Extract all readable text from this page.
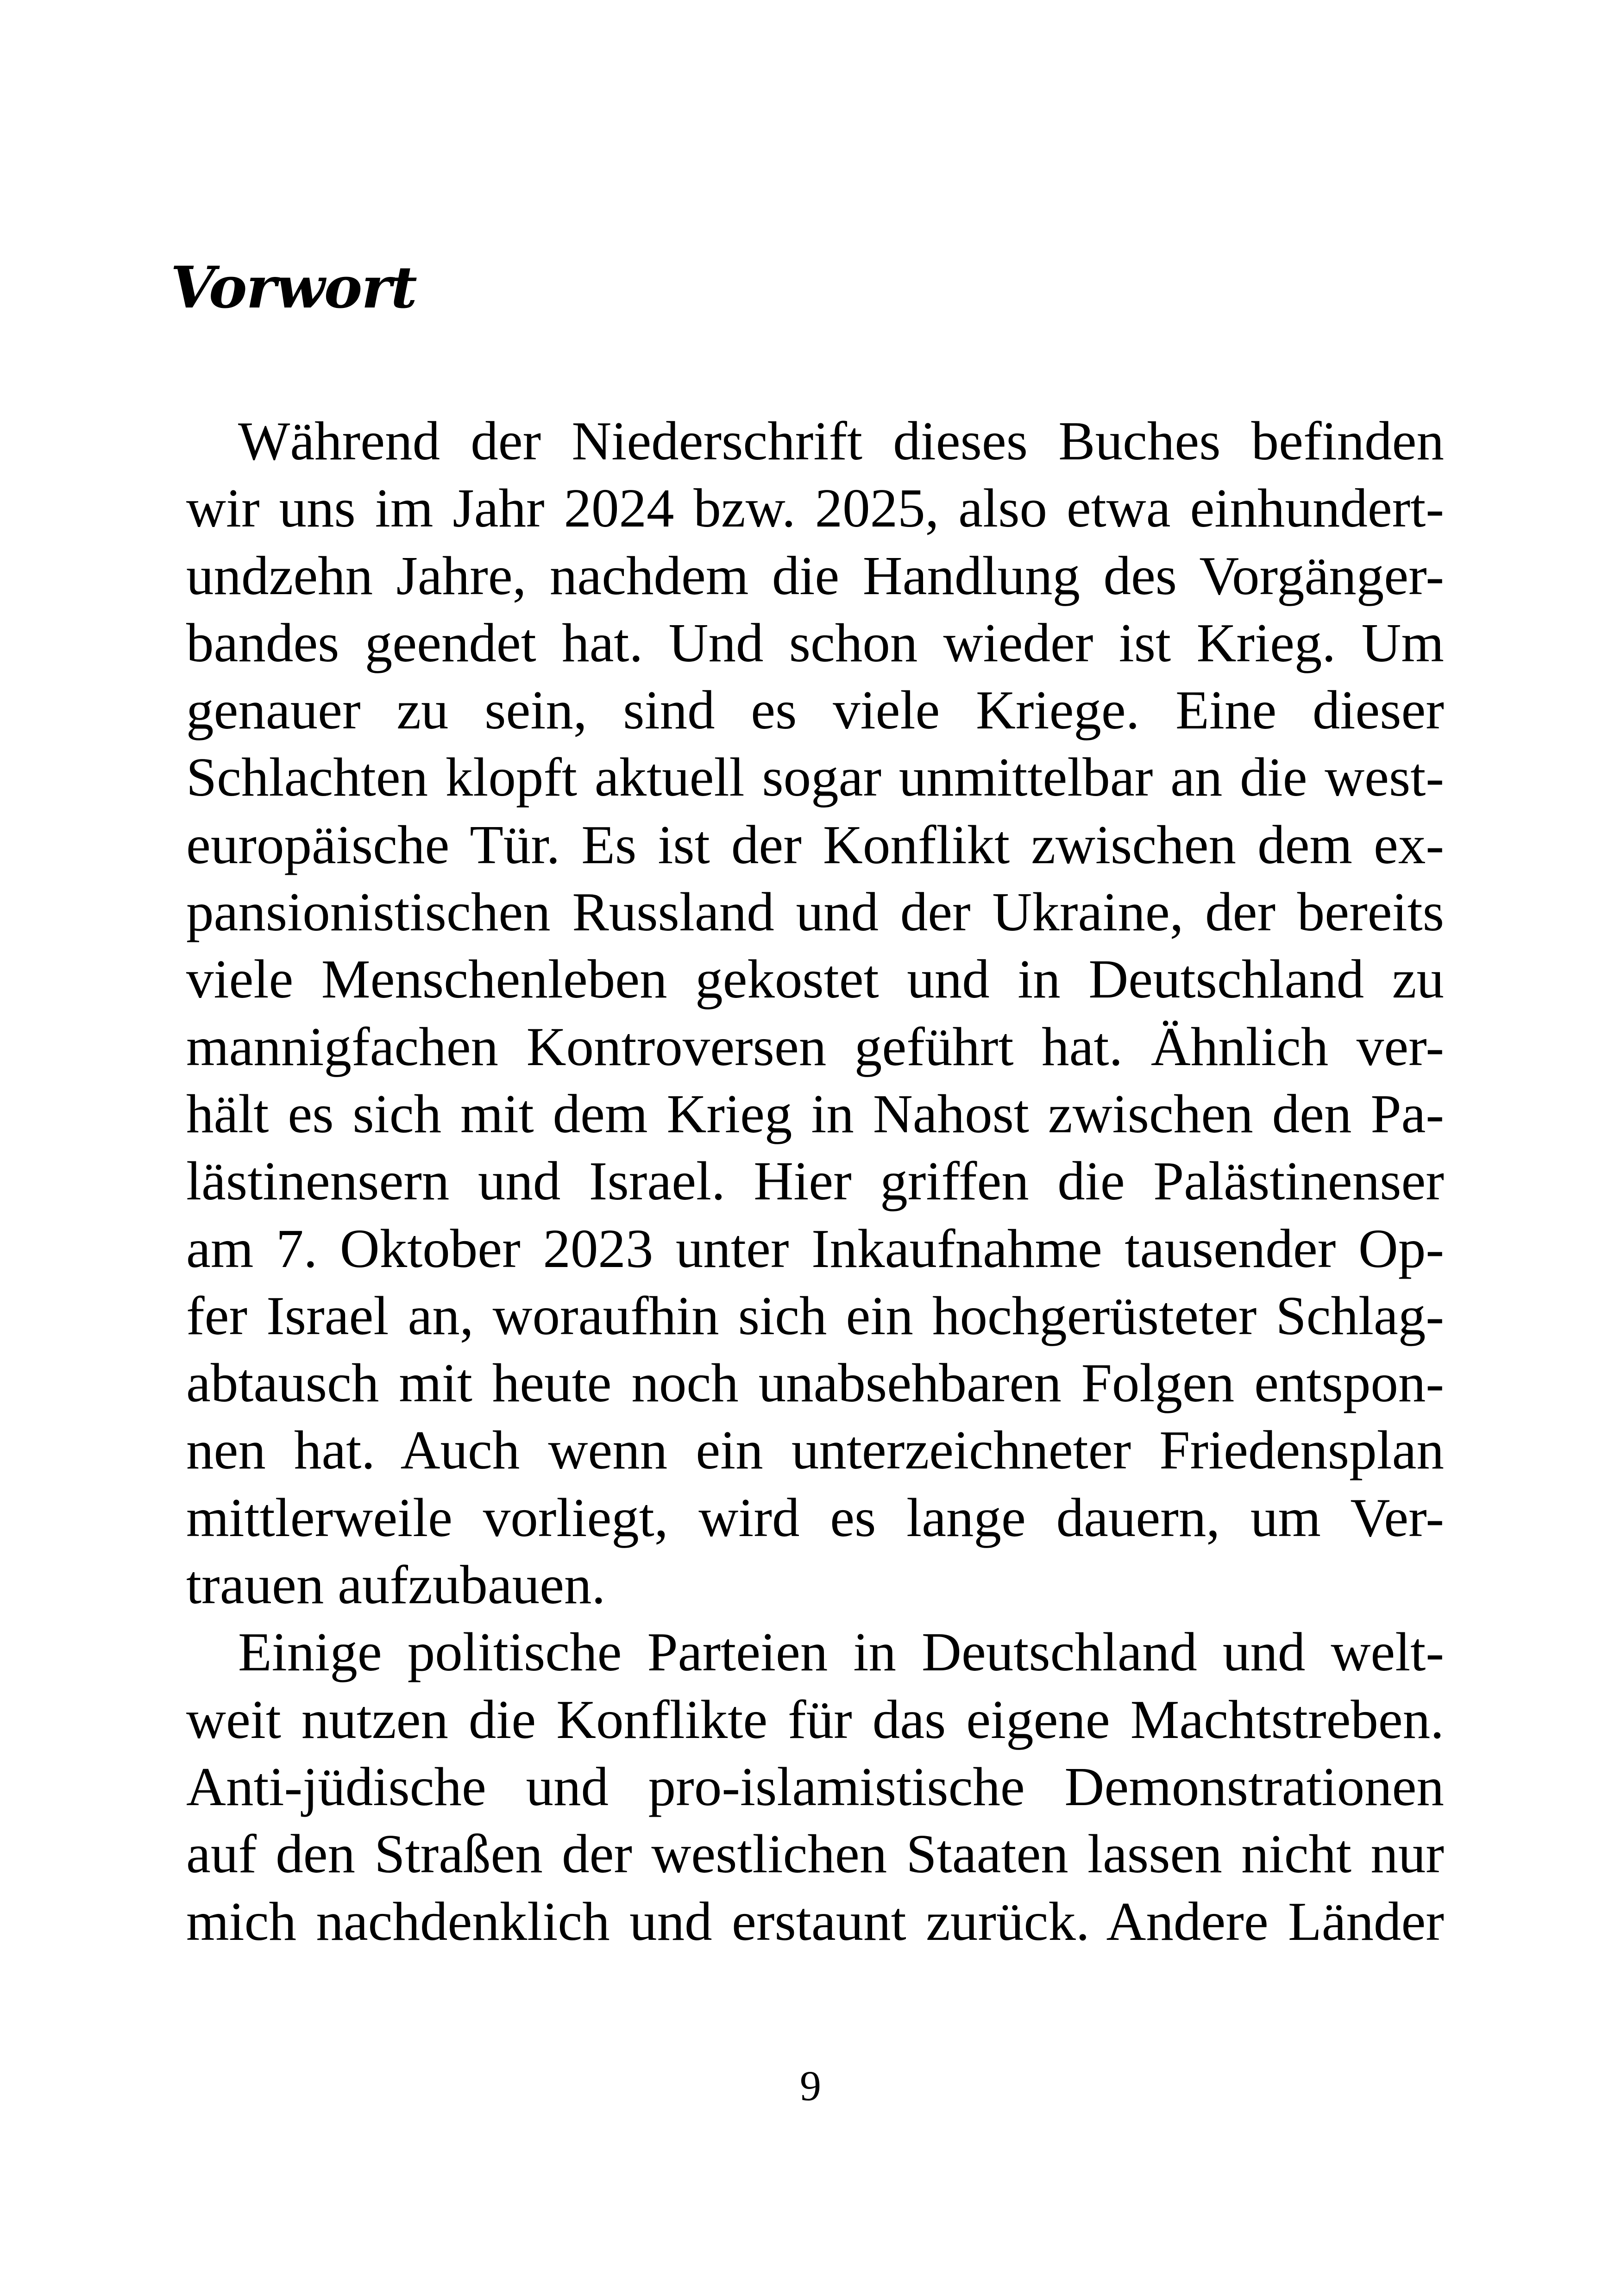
Vorwort
Während der Niederschrift dieses Buches befinden
wir uns im Jahr 2024 bzw. 2025, also etwa einhundert-
undzehn Jahre, nachdem die Handlung des Vorgänger-
bandes geendet hat. Und schon wieder ist Krieg. Um
genauer zu sein, sind es viele Kriege. Eine dieser
Schlachten klopft aktuell sogar unmittelbar an die west-
europäische Tür. Es ist der Konflikt zwischen dem ex-
pansionistischen Russland und der Ukraine, der bereits
viele Menschenleben gekostet und in Deutschland zu
mannigfachen Kontroversen geführt hat. Ähnlich ver-
hält es sich mit dem Krieg in Nahost zwischen den Pa-
lästinensern und Israel. Hier griffen die Palästinenser
am 7. Oktober 2023 unter Inkaufnahme tausender Op-
fer Israel an, woraufhin sich ein hochgerüsteter Schlag-
abtausch mit heute noch unabsehbaren Folgen entspon-
nen hat. Auch wenn ein unterzeichneter Friedensplan
mittlerweile vorliegt, wird es lange dauern, um Ver-
trauen aufzubauen.
Einige politische Parteien in Deutschland und welt-
weit nutzen die Konflikte für das eigene Machtstreben.
Anti-jüdische und pro-islamistische Demonstrationen
auf den Straßen der westlichen Staaten lassen nicht nur
mich nachdenklich und erstaunt zurück. Andere Länder
9
